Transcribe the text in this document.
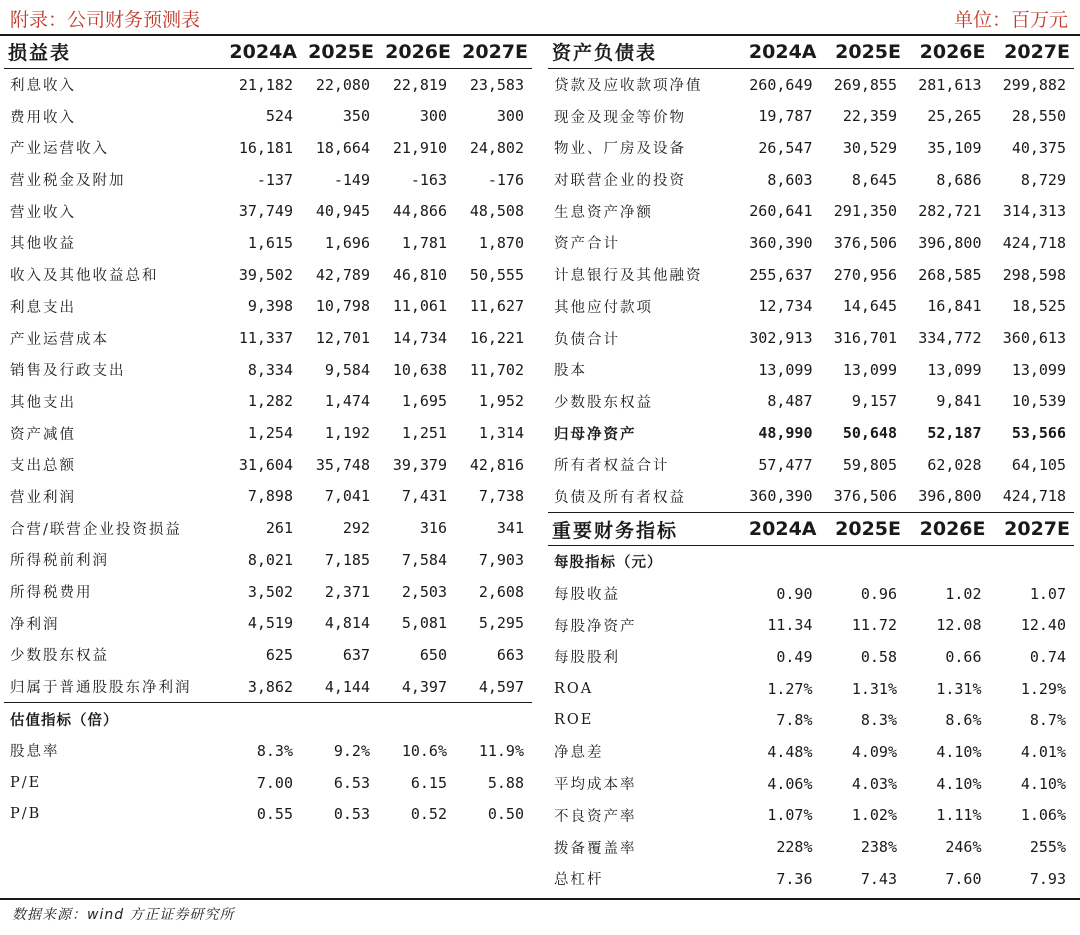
附录：公司财务预测表	单位：百万元
损益表	2024A	2025E	2026E	2027E
利息收入	21,182	22,080	22,819	23,583
费用收入	524	350	300	300
产业运营收入	16,181	18,664	21,910	24,802
营业税金及附加	-137	-149	-163	-176
营业收入	37,749	40,945	44,866	48,508
其他收益	1,615	1,696	1,781	1,870
收入及其他收益总和	39,502	42,789	46,810	50,555
利息支出	9,398	10,798	11,061	11,627
产业运营成本	11,337	12,701	14,734	16,221
销售及行政支出	8,334	9,584	10,638	11,702
其他支出	1,282	1,474	1,695	1,952
资产减值	1,254	1,192	1,251	1,314
支出总额	31,604	35,748	39,379	42,816
营业利润	7,898	7,041	7,431	7,738
合营/联营企业投资损益	261	292	316	341
所得税前利润	8,021	7,185	7,584	7,903
所得税费用	3,502	2,371	2,503	2,608
净利润	4,519	4,814	5,081	5,295
少数股东权益	625	637	650	663
归属于普通股股东净利润	3,862	4,144	4,397	4,597
估值指标（倍）				
股息率	8.3%	9.2%	10.6%	11.9%
P/E	7.00	6.53	6.15	5.88
P/B	0.55	0.53	0.52	0.50
资产负债表	2024A	2025E	2026E	2027E
贷款及应收款项净值	260,649	269,855	281,613	299,882
现金及现金等价物	19,787	22,359	25,265	28,550
物业、厂房及设备	26,547	30,529	35,109	40,375
对联营企业的投资	8,603	8,645	8,686	8,729
生息资产净额	260,641	291,350	282,721	314,313
资产合计	360,390	376,506	396,800	424,718
计息银行及其他融资	255,637	270,956	268,585	298,598
其他应付款项	12,734	14,645	16,841	18,525
负债合计	302,913	316,701	334,772	360,613
股本	13,099	13,099	13,099	13,099
少数股东权益	8,487	9,157	9,841	10,539
归母净资产	48,990	50,648	52,187	53,566
所有者权益合计	57,477	59,805	62,028	64,105
负债及所有者权益	360,390	376,506	396,800	424,718
重要财务指标	2024A	2025E	2026E	2027E
每股指标（元）				
每股收益	0.90	0.96	1.02	1.07
每股净资产	11.34	11.72	12.08	12.40
每股股利	0.49	0.58	0.66	0.74
ROA	1.27%	1.31%	1.31%	1.29%
ROE	7.8%	8.3%	8.6%	8.7%
净息差	4.48%	4.09%	4.10%	4.01%
平均成本率	4.06%	4.03%	4.10%	4.10%
不良资产率	1.07%	1.02%	1.11%	1.06%
拨备覆盖率	228%	238%	246%	255%
总杠杆	7.36	7.43	7.60	7.93
数据来源：wind 方正证券研究所
